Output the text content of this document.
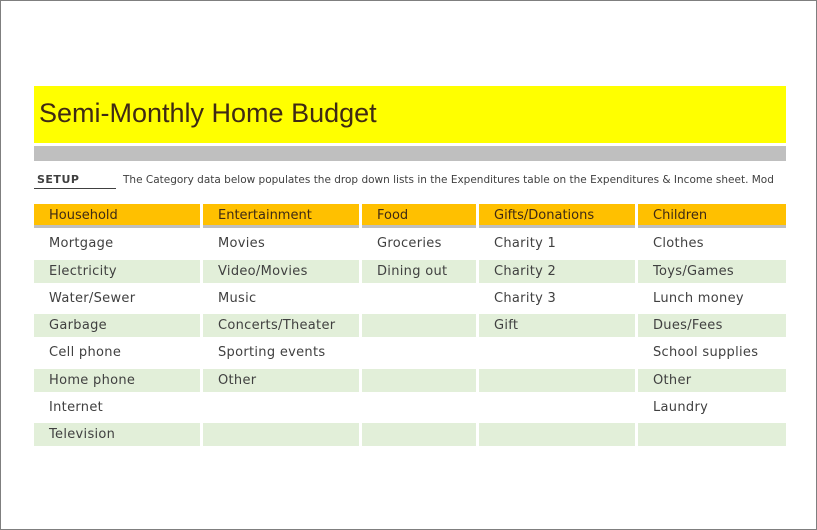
Semi-Monthly Home Budget
SETUP	The Category data below populates the drop down lists in the Expenditures table on the Expenditures & Income sheet. Mod
Household
Mortgage
Electricity
Water/Sewer
Garbage
Cell phone
Home phone
Internet
Television
Entertainment
Movies
Video/Movies
Music
Concerts/Theater
Sporting events
Other
Food
Groceries
Dining out
Gifts/Donations
Charity 1
Charity 2
Charity 3
Gift
Children
Clothes
Toys/Games
Lunch money
Dues/Fees
School supplies
Other
Laundry
